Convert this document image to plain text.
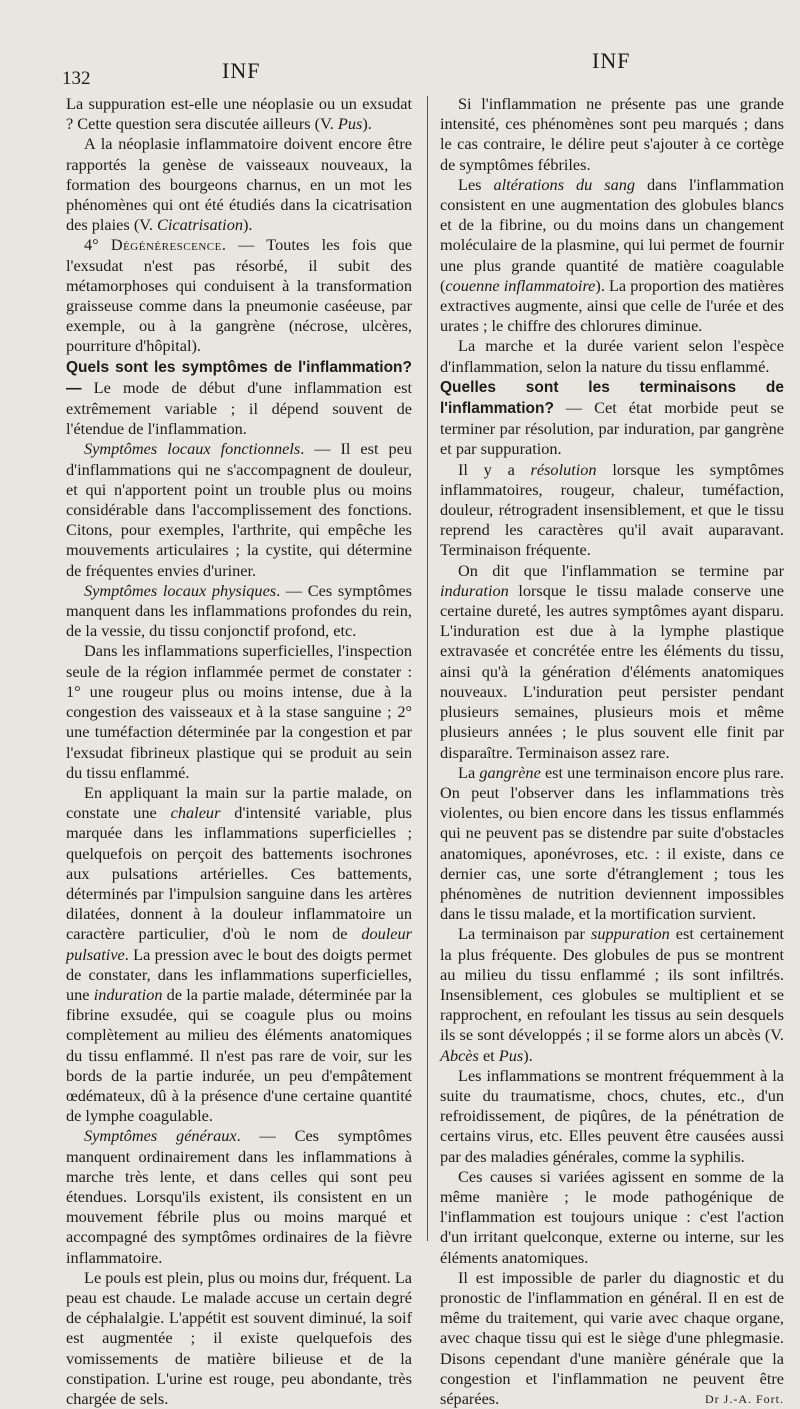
132	INF	INF

La suppuration est-elle une néoplasie ou un exsudat ? Cette question sera discutée ailleurs (V. Pus).

A la néoplasie inflammatoire doivent encore être rapportés la genèse de vaisseaux nouveaux, la formation des bourgeons charnus, en un mot les phénomènes qui ont été étudiés dans la cicatrisation des plaies (V. Cicatrisation).

4° Dégénérescence. — Toutes les fois que l'exsudat n'est pas résorbé, il subit des métamorphoses qui conduisent à la transformation graisseuse comme dans la pneumonie caséeuse, par exemple, ou à la gangrène (nécrose, ulcères, pourriture d'hôpital).

Quels sont les symptômes de l'inflammation? — Le mode de début d'une inflammation est extrêmement variable ; il dépend souvent de l'étendue de l'inflammation.

Symptômes locaux fonctionnels. — Il est peu d'inflammations qui ne s'accompagnent de douleur, et qui n'apportent point un trouble plus ou moins considérable dans l'accomplissement des fonctions. Citons, pour exemples, l'arthrite, qui empêche les mouvements articulaires ; la cystite, qui détermine de fréquentes envies d'uriner.

Symptômes locaux physiques. — Ces symptômes manquent dans les inflammations profondes du rein, de la vessie, du tissu conjonctif profond, etc.

Dans les inflammations superficielles, l'inspection seule de la région inflammée permet de constater : 1° une rougeur plus ou moins intense, due à la congestion des vaisseaux et à la stase sanguine ; 2° une tuméfaction déterminée par la congestion et par l'exsudat fibrineux plastique qui se produit au sein du tissu enflammé.

En appliquant la main sur la partie malade, on constate une chaleur d'intensité variable, plus marquée dans les inflammations superficielles ; quelquefois on perçoit des battements isochrones aux pulsations artérielles. Ces battements, déterminés par l'impulsion sanguine dans les artères dilatées, donnent à la douleur inflammatoire un caractère particulier, d'où le nom de douleur pulsative. La pression avec le bout des doigts permet de constater, dans les inflammations superficielles, une induration de la partie malade, déterminée par la fibrine exsudée, qui se coagule plus ou moins complètement au milieu des éléments anatomiques du tissu enflammé. Il n'est pas rare de voir, sur les bords de la partie indurée, un peu d'empâtement œdémateux, dû à la présence d'une certaine quantité de lymphe coagulable.

Symptômes généraux. — Ces symptômes manquent ordinairement dans les inflammations à marche très lente, et dans celles qui sont peu étendues. Lorsqu'ils existent, ils consistent en un mouvement fébrile plus ou moins marqué et accompagné des symptômes ordinaires de la fièvre inflammatoire.

Le pouls est plein, plus ou moins dur, fréquent. La peau est chaude. Le malade accuse un certain degré de céphalalgie. L'appétit est souvent diminué, la soif est augmentée ; il existe quelquefois des vomissements de matière bilieuse et de la constipation. L'urine est rouge, peu abondante, très chargée de sels.

Si l'inflammation ne présente pas une grande intensité, ces phénomènes sont peu marqués ; dans le cas contraire, le délire peut s'ajouter à ce cortège de symptômes fébriles.

Les altérations du sang dans l'inflammation consistent en une augmentation des globules blancs et de la fibrine, ou du moins dans un changement moléculaire de la plasmine, qui lui permet de fournir une plus grande quantité de matière coagulable (couenne inflammatoire). La proportion des matières extractives augmente, ainsi que celle de l'urée et des urates ; le chiffre des chlorures diminue.

La marche et la durée varient selon l'espèce d'inflammation, selon la nature du tissu enflammé.

Quelles sont les terminaisons de l'inflammation? — Cet état morbide peut se terminer par résolution, par induration, par gangrène et par suppuration.

Il y a résolution lorsque les symptômes inflammatoires, rougeur, chaleur, tuméfaction, douleur, rétrogradent insensiblement, et que le tissu reprend les caractères qu'il avait auparavant. Terminaison fréquente.

On dit que l'inflammation se termine par induration lorsque le tissu malade conserve une certaine dureté, les autres symptômes ayant disparu. L'induration est due à la lymphe plastique extravasée et concrétée entre les éléments du tissu, ainsi qu'à la génération d'éléments anatomiques nouveaux. L'induration peut persister pendant plusieurs semaines, plusieurs mois et même plusieurs années ; le plus souvent elle finit par disparaître. Terminaison assez rare.

La gangrène est une terminaison encore plus rare. On peut l'observer dans les inflammations très violentes, ou bien encore dans les tissus enflammés qui ne peuvent pas se distendre par suite d'obstacles anatomiques, aponévroses, etc. : il existe, dans ce dernier cas, une sorte d'étranglement ; tous les phénomènes de nutrition deviennent impossibles dans le tissu malade, et la mortification survient.

La terminaison par suppuration est certainement la plus fréquente. Des globules de pus se montrent au milieu du tissu enflammé ; ils sont infiltrés. Insensiblement, ces globules se multiplient et se rapprochent, en refoulant les tissus au sein desquels ils se sont développés ; il se forme alors un abcès (V. Abcès et Pus).

Les inflammations se montrent fréquemment à la suite du traumatisme, chocs, chutes, etc., d'un refroidissement, de piqûres, de la pénétration de certains virus, etc. Elles peuvent être causées aussi par des maladies générales, comme la syphilis.

Ces causes si variées agissent en somme de la même manière ; le mode pathogénique de l'inflammation est toujours unique : c'est l'action d'un irritant quelconque, externe ou interne, sur les éléments anatomiques.

Il est impossible de parler du diagnostic et du pronostic de l'inflammation en général. Il en est de même du traitement, qui varie avec chaque organe, avec chaque tissu qui est le siège d'une phlegmasie. Disons cependant d'une manière générale que la congestion et l'inflammation ne peuvent être séparées.	Dr J.-A. Fort.
